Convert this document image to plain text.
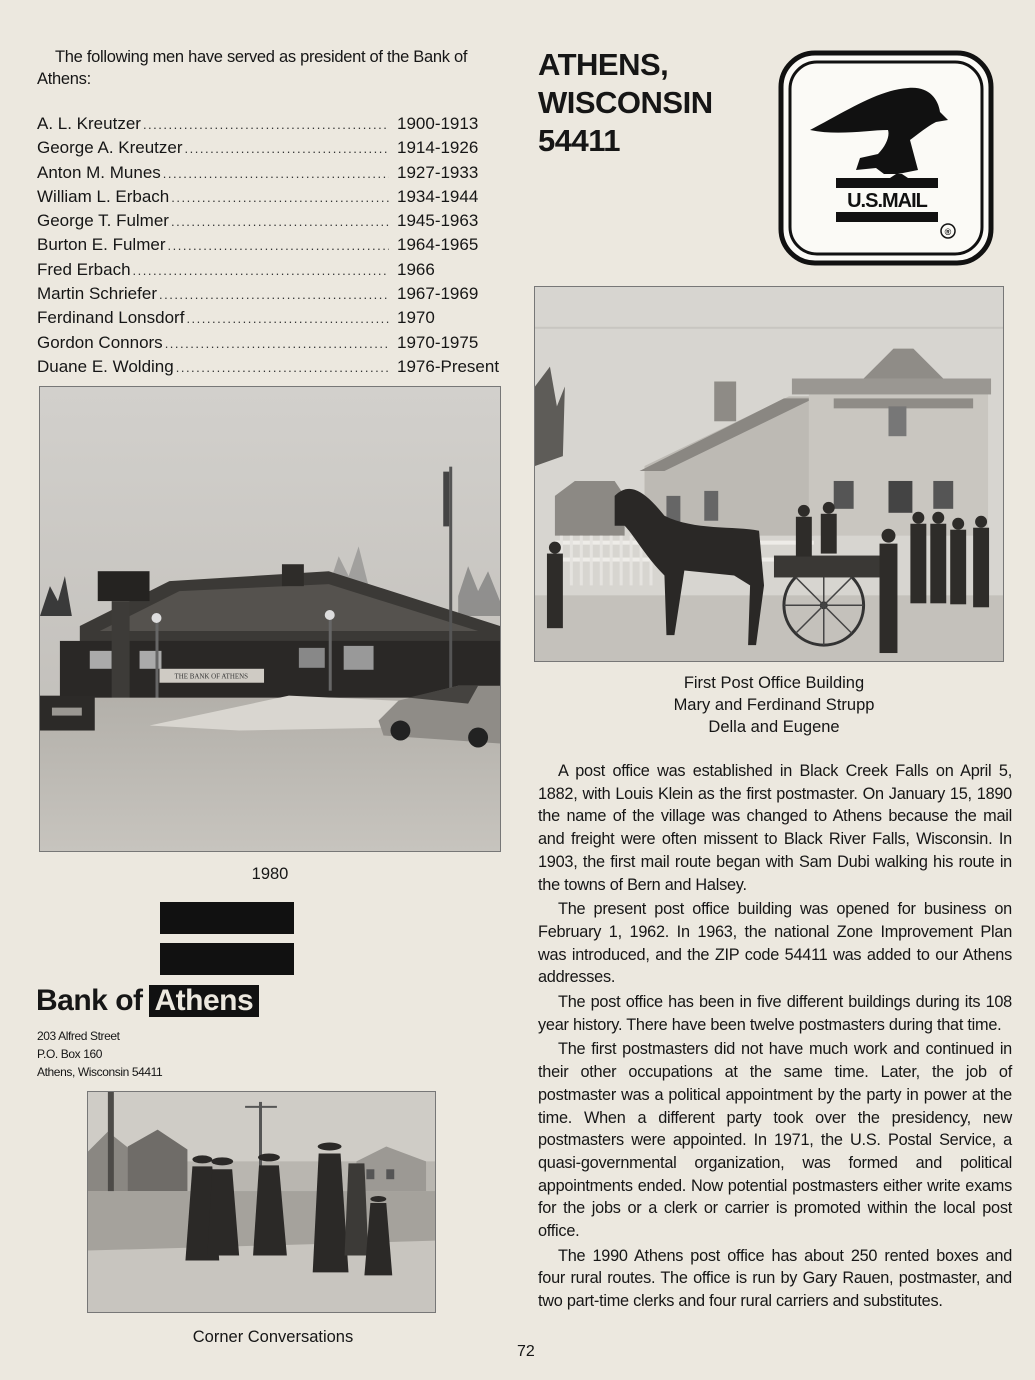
The following men have served as president of the Bank of
Athens:
A. L. Kreutzer .....	1900-1913
George A. Kreutzer .....	1914-1926
Anton M. Munes .....	1927-1933
William L. Erbach .....	1934-1944
George T. Fulmer .....	1945-1963
Burton E. Fulmer .....	1964-1965
Fred Erbach .....	1966
Martin Schriefer .....	1967-1969
Ferdinand Lonsdorf .....	1970
Gordon Connors .....	1970-1975
Duane E. Wolding .....	1976-Present
THE BANK OF ATHENS
1980
Bank of Athens
203 Alfred Street
P.O. Box 160
Athens, Wisconsin 54411
Corner Conversations
ATHENS,
WISCONSIN
54411
U.S.MAIL
®
First Post Office Building
Mary and Ferdinand Strupp
Della and Eugene

A post office was established in Black Creek Falls on April 5, 1882, with Louis Klein as the first postmaster. On January 15, 1890 the name of the village was changed to Athens because the mail and freight were often missent to Black River Falls, Wisconsin. In 1903, the first mail route began with Sam Dubi walking his route in the towns of Bern and Halsey.

The present post office building was opened for business on February 1, 1962. In 1963, the national Zone Improvement Plan was introduced, and the ZIP code 54411 was added to our Athens addresses.

The post office has been in five different buildings during its 108 year history. There have been twelve postmasters during that time.

The first postmasters did not have much work and continued in their other occupations at the same time. Later, the job of postmaster was a political appointment by the party in power at the time. When a different party took over the presidency, new postmasters were appointed. In 1971, the U.S. Postal Service, a quasi-governmental organization, was formed and political appointments ended. Now potential postmasters either write exams for the jobs or a clerk or carrier is promoted within the local post office.

The 1990 Athens post office has about 250 rented boxes and four rural routes. The office is run by Gary Rauen, postmaster, and two part-time clerks and four rural carriers and substitutes.

72
